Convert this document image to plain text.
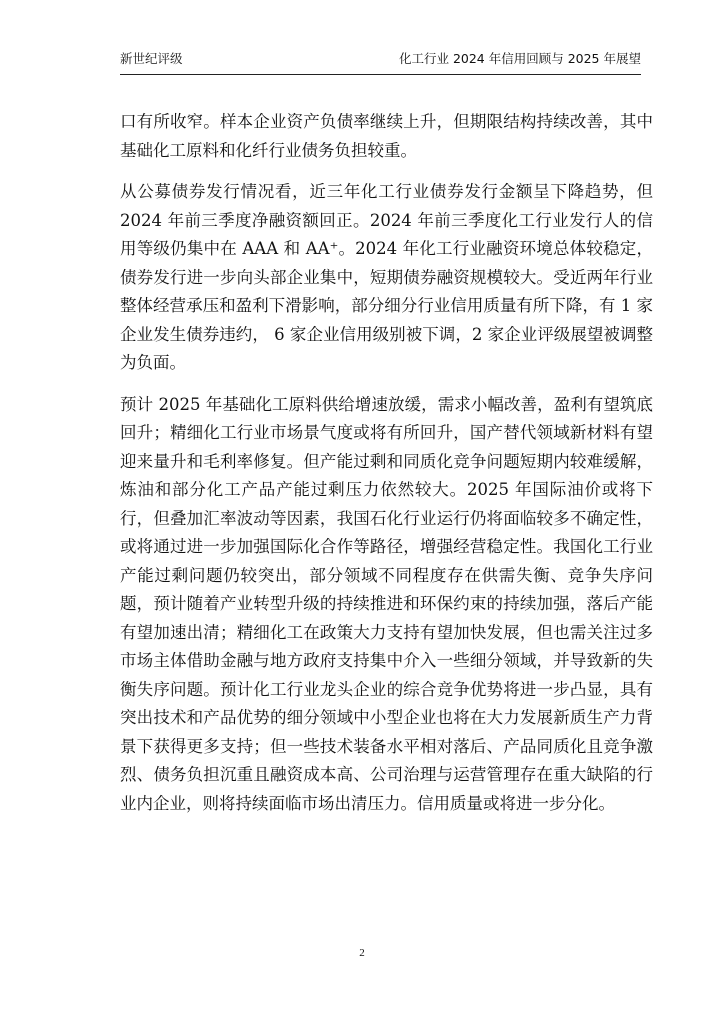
新世纪评级	化工行业 2024 年信用回顾与 2025 年展望

口有所收窄。样本企业资产负债率继续上升，但期限结构持续改善，其中基础化工原料和化纤行业债务负担较重。

从公募债券发行情况看，近三年化工行业债券发行金额呈下降趋势，但 2024 年前三季度净融资额回正。2024 年前三季度化工行业发行人的信用等级仍集中在 AAA 和 AA⁺。2024 年化工行业融资环境总体较稳定，债券发行进一步向头部企业集中，短期债券融资规模较大。受近两年行业整体经营承压和盈利下滑影响，部分细分行业信用质量有所下降，有 1 家企业发生债券违约， 6 家企业信用级别被下调，2 家企业评级展望被调整为负面。

预计 2025 年基础化工原料供给增速放缓，需求小幅改善，盈利有望筑底回升；精细化工行业市场景气度或将有所回升，国产替代领域新材料有望迎来量升和毛利率修复。但产能过剩和同质化竞争问题短期内较难缓解，炼油和部分化工产品产能过剩压力依然较大。2025 年国际油价或将下行，但叠加汇率波动等因素，我国石化行业运行仍将面临较多不确定性，或将通过进一步加强国际化合作等路径，增强经营稳定性。我国化工行业产能过剩问题仍较突出，部分领域不同程度存在供需失衡、竞争失序问题，预计随着产业转型升级的持续推进和环保约束的持续加强，落后产能有望加速出清；精细化工在政策大力支持有望加快发展，但也需关注过多市场主体借助金融与地方政府支持集中介入一些细分领域，并导致新的失衡失序问题。预计化工行业龙头企业的综合竞争优势将进一步凸显，具有突出技术和产品优势的细分领域中小型企业也将在大力发展新质生产力背景下获得更多支持；但一些技术装备水平相对落后、产品同质化且竞争激烈、债务负担沉重且融资成本高、公司治理与运营管理存在重大缺陷的行业内企业，则将持续面临市场出清压力。信用质量或将进一步分化。

2
